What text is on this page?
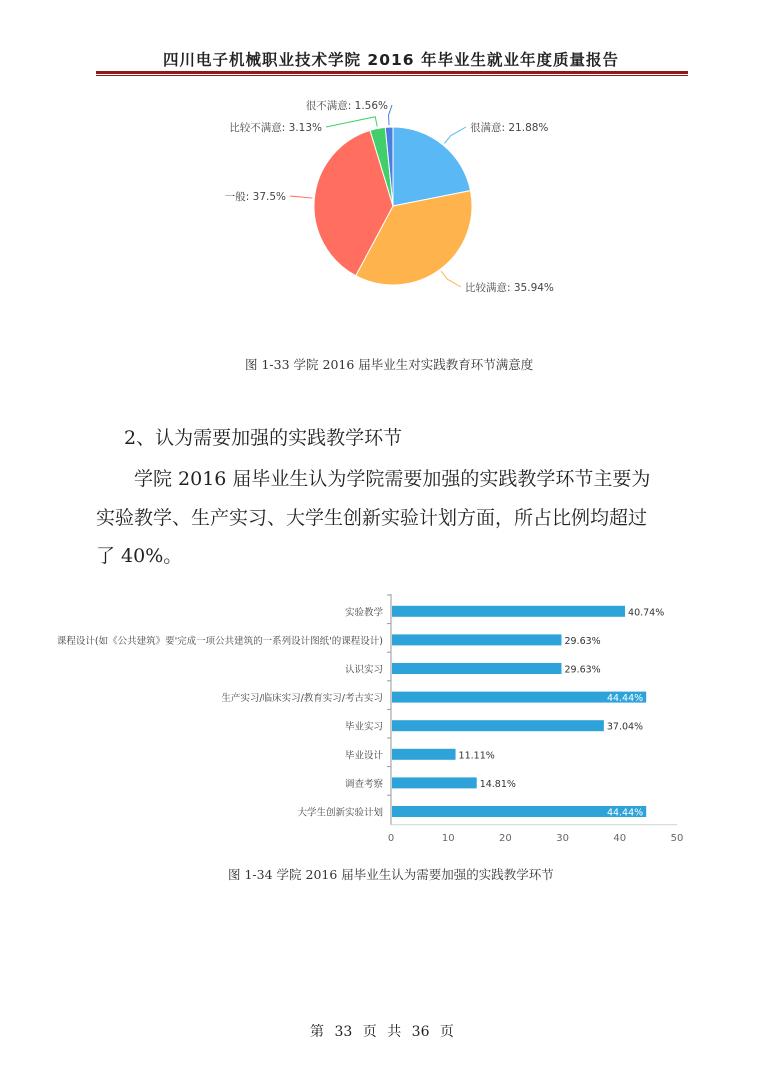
四川电子机械职业技术学院 2016 年毕业生就业年度质量报告
很满意: 21.88%
比较满意: 35.94%
一般: 37.5%
比较不满意: 3.13%
很不满意: 1.56%
图 1-33 学院 2016 届毕业生对实践教育环节满意度
2、认为需要加强的实践教学环节
学院 2016 届毕业生认为学院需要加强的实践教学环节主要为
实验教学、生产实习、大学生创新实验计划方面，所占比例均超过
了 40%。
实验教学	40.74%
课程设计(如《公共建筑》要'完成一项公共建筑的一系列设计图纸'的课程设计)	29.63%
认识实习	29.63%
生产实习/临床实习/教育实习/考古实习	44.44%
毕业实习	37.04%
毕业设计	11.11%
调查考察	14.81%
大学生创新实验计划	44.44%
0	10	20	30	40	50
图 1-34 学院 2016 届毕业生认为需要加强的实践教学环节
第 33 页 共 36 页
